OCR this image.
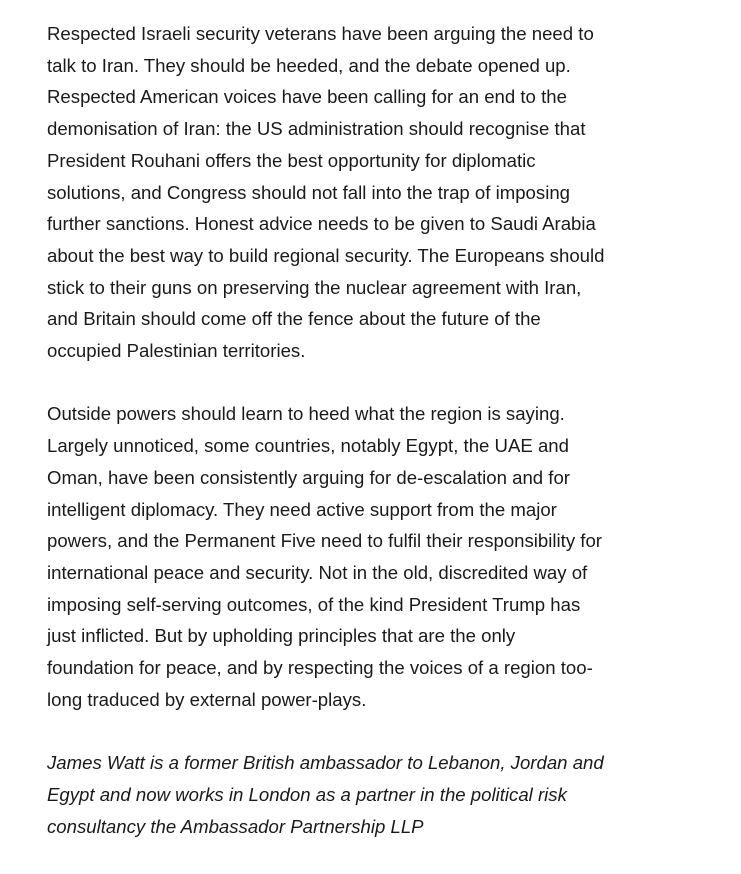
Respected Israeli security veterans have been arguing the need to
talk to Iran. They should be heeded, and the debate opened up.
Respected American voices have been calling for an end to the
demonisation of Iran: the US administration should recognise that
President Rouhani offers the best opportunity for diplomatic
solutions, and Congress should not fall into the trap of imposing
further sanctions. Honest advice needs to be given to Saudi Arabia
about the best way to build regional security. The Europeans should
stick to their guns on preserving the nuclear agreement with Iran,
and Britain should come off the fence about the future of the
occupied Palestinian territories.

Outside powers should learn to heed what the region is saying.
Largely unnoticed, some countries, notably Egypt, the UAE and
Oman, have been consistently arguing for de-escalation and for
intelligent diplomacy. They need active support from the major
powers, and the Permanent Five need to fulfil their responsibility for
international peace and security. Not in the old, discredited way of
imposing self-serving outcomes, of the kind President Trump has
just inflicted. But by upholding principles that are the only
foundation for peace, and by respecting the voices of a region too-
long traduced by external power-plays.

James Watt is a former British ambassador to Lebanon, Jordan and
Egypt and now works in London as a partner in the political risk
consultancy the Ambassador Partnership LLP
